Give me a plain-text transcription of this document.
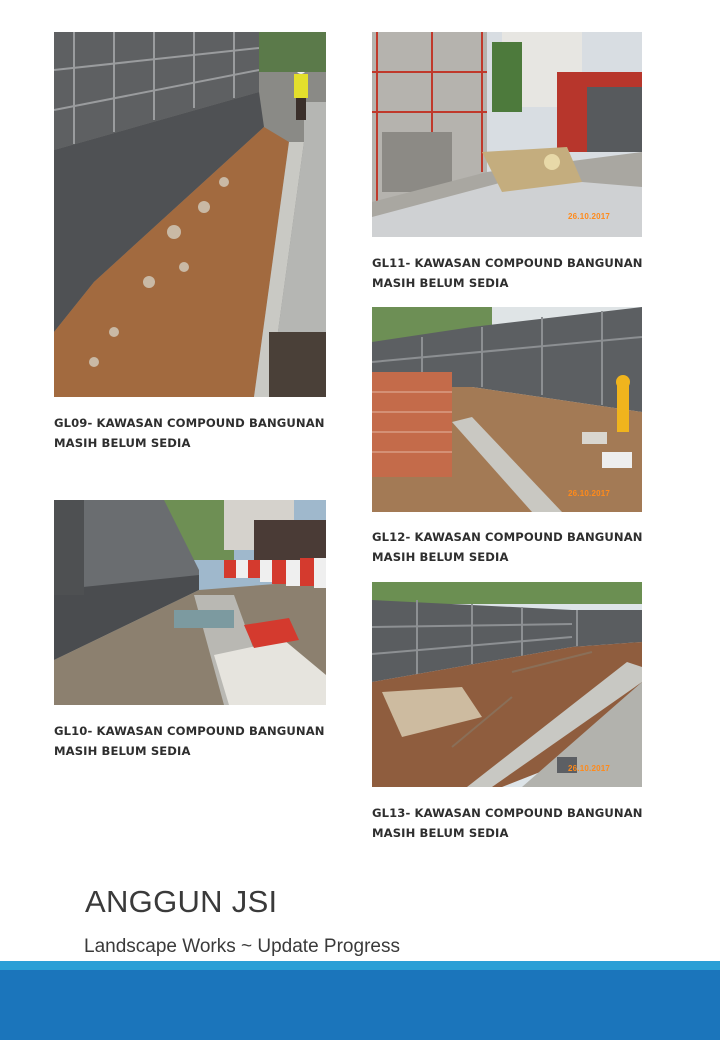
GL09- KAWASAN COMPOUND BANGUNAN
MASIH BELUM SEDIA
GL10- KAWASAN COMPOUND BANGUNAN
MASIH BELUM SEDIA
26.10.2017
GL11- KAWASAN COMPOUND BANGUNAN
MASIH BELUM SEDIA
26.10.2017
GL12- KAWASAN COMPOUND BANGUNAN
MASIH BELUM SEDIA
26.10.2017
GL13- KAWASAN COMPOUND BANGUNAN
MASIH BELUM SEDIA
ANGGUN JSI
Landscape Works ~ Update Progress
